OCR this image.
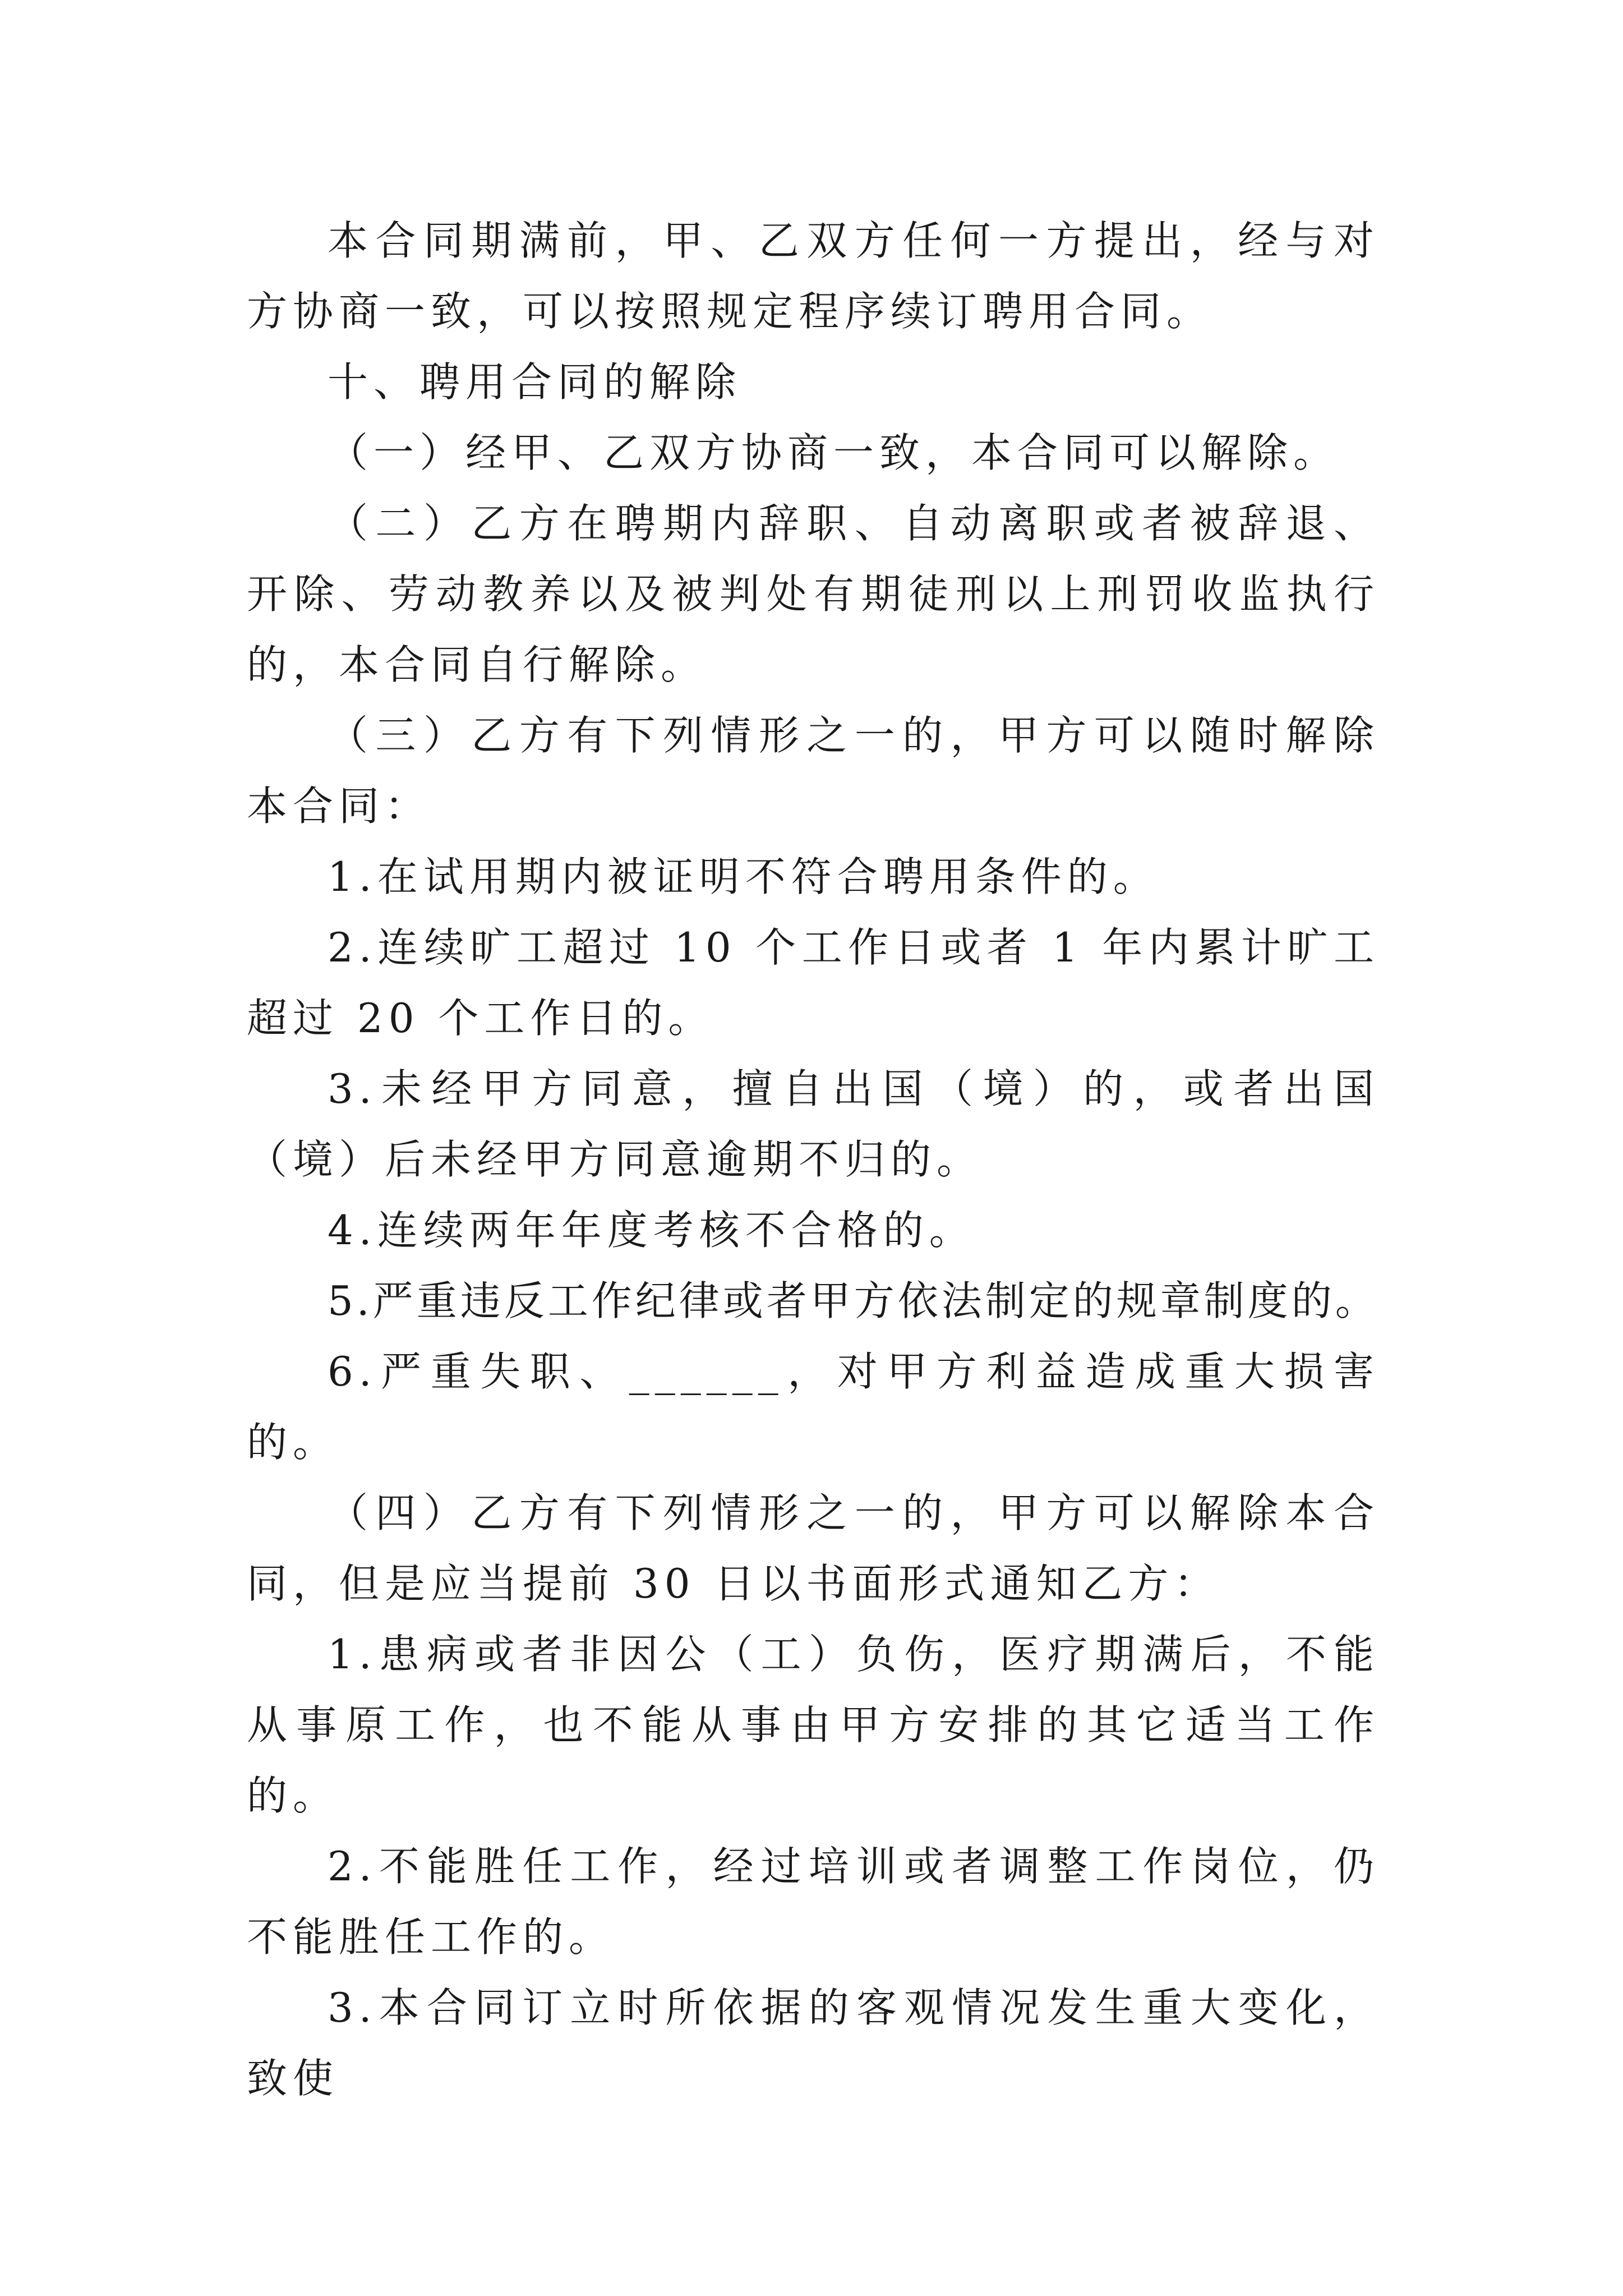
本合同期满前，甲、乙双方任何一方提出，经与对方协商一致，可以按照规定程序续订聘用合同。

十、聘用合同的解除

（一）经甲、乙双方协商一致，本合同可以解除。

（二）乙方在聘期内辞职、自动离职或者被辞退、开除、劳动教养以及被判处有期徒刑以上刑罚收监执行的，本合同自行解除。

（三）乙方有下列情形之一的，甲方可以随时解除本合同：

1.在试用期内被证明不符合聘用条件的。

2.连续旷工超过 10 个工作日或者 1 年内累计旷工超过 20 个工作日的。

3.未经甲方同意，擅自出国（境）的，或者出国（境）后未经甲方同意逾期不归的。

4.连续两年年度考核不合格的。

5.严重违反工作纪律或者甲方依法制定的规章制度的。

6.严重失职、______，对甲方利益造成重大损害的。

（四）乙方有下列情形之一的，甲方可以解除本合同，但是应当提前 30 日以书面形式通知乙方：

1.患病或者非因公（工）负伤，医疗期满后，不能从事原工作，也不能从事由甲方安排的其它适当工作的。

2.不能胜任工作，经过培训或者调整工作岗位，仍不能胜任工作的。

3.本合同订立时所依据的客观情况发生重大变化，致使
